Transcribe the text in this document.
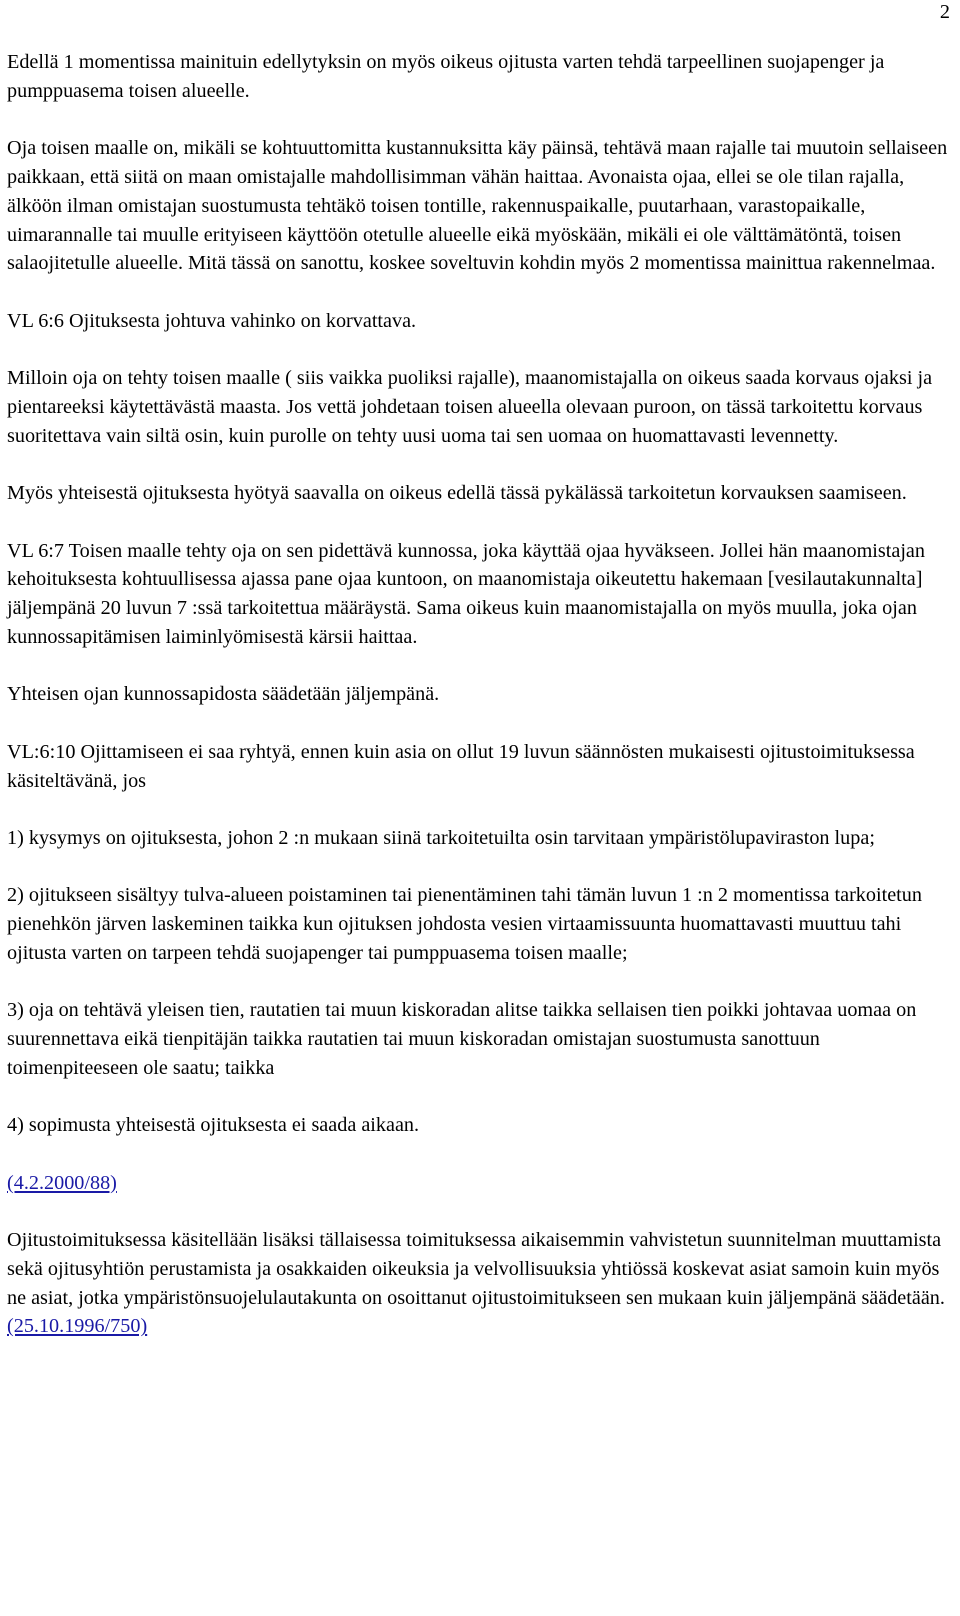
2

Edellä 1 momentissa mainituin edellytyksin on myös oikeus ojitusta varten tehdä tarpeellinen suojapenger ja pumppuasema toisen alueelle.

Oja toisen maalle on, mikäli se kohtuuttomitta kustannuksitta käy päinsä, tehtävä maan rajalle tai muutoin sellaiseen paikkaan, että siitä on maan omistajalle mahdollisimman vähän haittaa. Avonaista ojaa, ellei se ole tilan rajalla, älköön ilman omistajan suostumusta tehtäkö toisen tontille, rakennuspaikalle, puutarhaan, varastopaikalle, uimarannalle tai muulle erityiseen käyttöön otetulle alueelle eikä myöskään, mikäli ei ole välttämätöntä, toisen salaojitetulle alueelle. Mitä tässä on sanottu, koskee soveltuvin kohdin myös 2 momentissa mainittua rakennelmaa.

VL 6:6 Ojituksesta johtuva vahinko on korvattava.

Milloin oja on tehty toisen maalle ( siis vaikka puoliksi rajalle), maanomistajalla on oikeus saada korvaus ojaksi ja pientareeksi käytettävästä maasta. Jos vettä johdetaan toisen alueella olevaan puroon, on tässä tarkoitettu korvaus suoritettava vain siltä osin, kuin purolle on tehty uusi uoma tai sen uomaa on huomattavasti levennetty.

Myös yhteisestä ojituksesta hyötyä saavalla on oikeus edellä tässä pykälässä tarkoitetun korvauksen saamiseen.

VL 6:7 Toisen maalle tehty oja on sen pidettävä kunnossa, joka käyttää ojaa hyväkseen. Jollei hän maanomistajan kehoituksesta kohtuullisessa ajassa pane ojaa kuntoon, on maanomistaja oikeutettu hakemaan [vesilautakunnalta] jäljempänä 20 luvun 7 :ssä tarkoitettua määräystä. Sama oikeus kuin maanomistajalla on myös muulla, joka ojan kunnossapitämisen laiminlyömisestä kärsii haittaa.

Yhteisen ojan kunnossapidosta säädetään jäljempänä.

VL:6:10 Ojittamiseen ei saa ryhtyä, ennen kuin asia on ollut 19 luvun säännösten mukaisesti ojitustoimituksessa käsiteltävänä, jos

1) kysymys on ojituksesta, johon 2 :n mukaan siinä tarkoitetuilta osin tarvitaan ympäristölupaviraston lupa;

2) ojitukseen sisältyy tulva-alueen poistaminen tai pienentäminen tahi tämän luvun 1 :n 2 momentissa tarkoitetun pienehkön järven laskeminen taikka kun ojituksen johdosta vesien virtaamissuunta huomattavasti muuttuu tahi ojitusta varten on tarpeen tehdä suojapenger tai pumppuasema toisen maalle;

3) oja on tehtävä yleisen tien, rautatien tai muun kiskoradan alitse taikka sellaisen tien poikki johtavaa uomaa on suurennettava eikä tienpitäjän taikka rautatien tai muun kiskoradan omistajan suostumusta sanottuun toimenpiteeseen ole saatu; taikka

4) sopimusta yhteisestä ojituksesta ei saada aikaan.

(4.2.2000/88)

Ojitustoimituksessa käsitellään lisäksi tällaisessa toimituksessa aikaisemmin vahvistetun suunnitelman muuttamista sekä ojitusyhtiön perustamista ja osakkaiden oikeuksia ja velvollisuuksia yhtiössä koskevat asiat samoin kuin myös ne asiat, jotka ympäristönsuojelulautakunta on osoittanut ojitustoimitukseen sen mukaan kuin jäljempänä säädetään. (25.10.1996/750)
